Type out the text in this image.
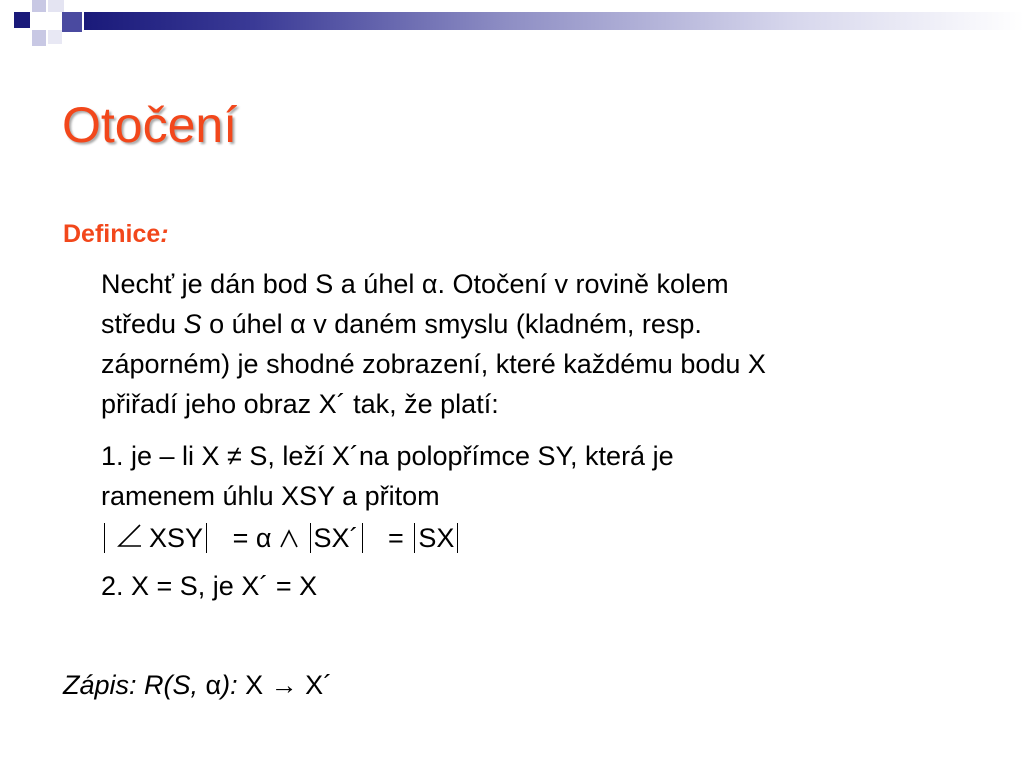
Otočení
Definice:
Nechť je dán bod S a úhel α. Otočení v rovině kolem
středu S o úhel α v daném smyslu (kladném, resp.
záporném) je shodné zobrazení, které každému bodu X
přiřadí jeho obraz X´ tak, že platí:
1. je – li X ≠ S, leží X´na polopřímce SY, která je
ramenem úhlu XSY a přitom
XSY = α SX´ = SX
2. X = S, je X´ = X
Zápis: R(S, α): X → X´
